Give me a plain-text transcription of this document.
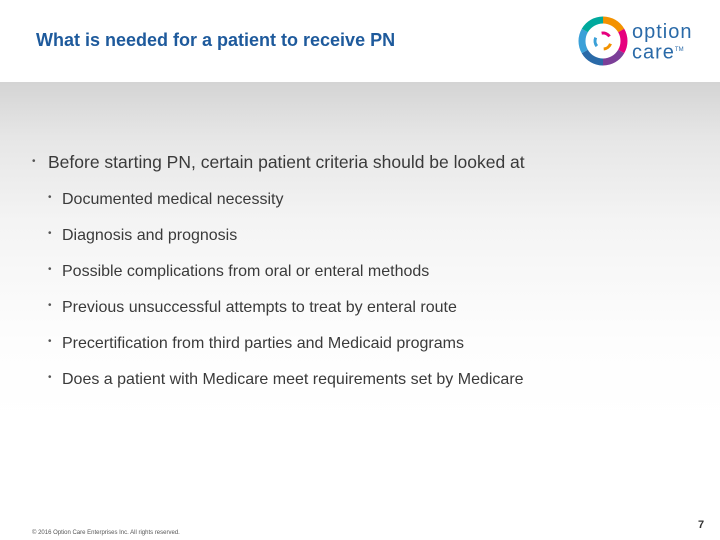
What is needed for a patient to receive PN	option
care™
• Before starting PN, certain patient criteria should be looked at
• Documented medical necessity
• Diagnosis and prognosis
• Possible complications from oral or enteral methods
• Previous unsuccessful attempts to treat by enteral route
• Precertification from third parties and Medicaid programs
• Does a patient with Medicare meet requirements set by Medicare
© 2016 Option Care Enterprises Inc. All rights reserved.
7
